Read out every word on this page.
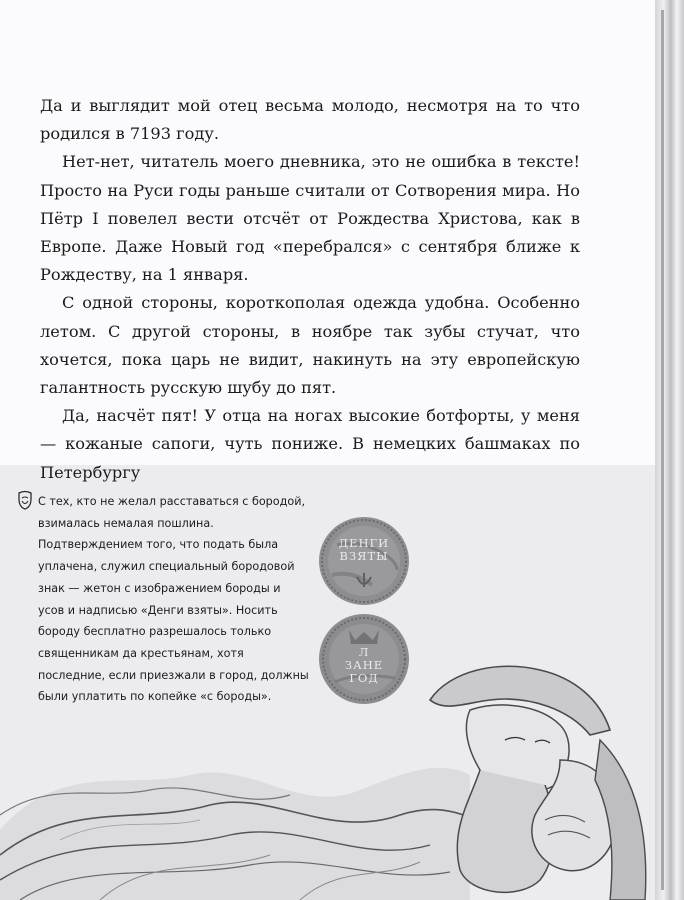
Да и выглядит мой отец весьма молодо, несмотря на то что родился в 7193 году.

Нет-нет, читатель моего дневника, это не ошибка в тексте! Просто на Руси годы раньше считали от Сотворения мира. Но Пётр I повелел вести отсчёт от Рождества Христова, как в Европе. Даже Новый год «перебрался» с сентября ближе к Рождеству, на 1 января.

С одной стороны, короткополая одежда удобна. Особенно летом. С другой стороны, в ноябре так зубы стучат, что хочется, пока царь не видит, накинуть на эту европейскую галантность русскую шубу до пят.

Да, насчёт пят! У отца на ногах высокие ботфорты, у меня — кожаные сапоги, чуть пониже. В немецких башмаках по Петербургу

С тех, кто не желал расставаться с бородой, взималась немалая пошлина. Подтверждением того, что подать была уплачена, служил специальный бородовой знак — жетон с изображением бороды и усов и надписью «Денги взяты». Носить бороду бесплатно разрешалось только священникам да крестьянам, хотя последние, если приезжали в город, должны были уплатить по копейке «с бороды».
ДЕНГИ
ВЗЯТЫ
Л
ЗАНЕ
ГОД
